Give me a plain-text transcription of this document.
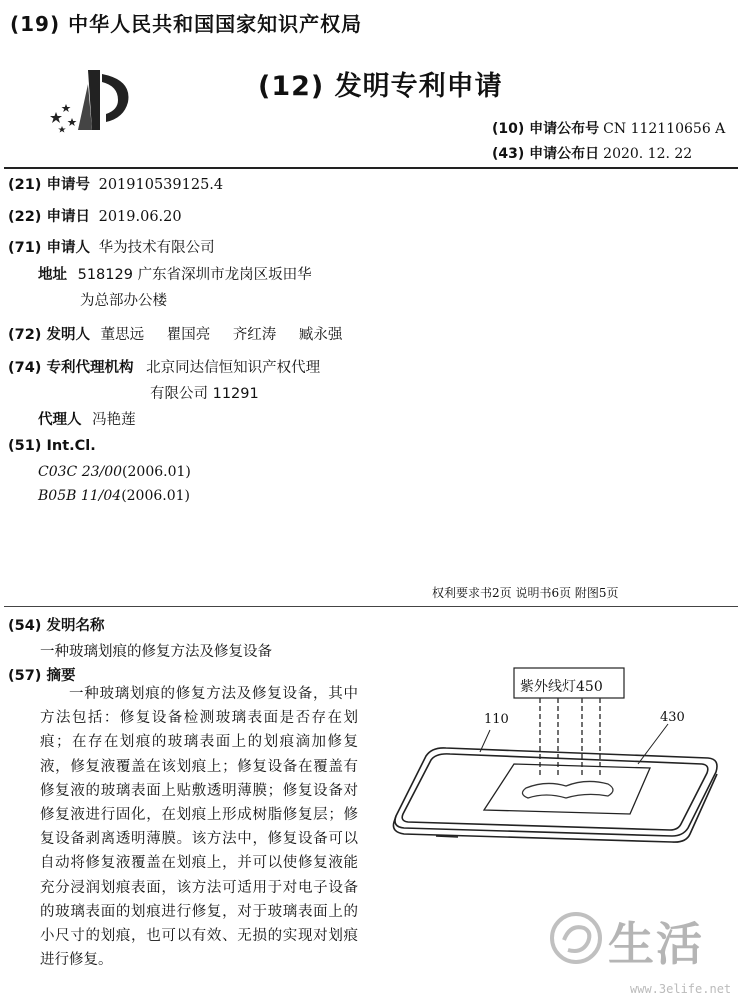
(19) 中华人民共和国国家知识产权局
(12) 发明专利申请
(10) 申请公布号 CN 112110656 A
(43) 申请公布日 2020. 12. 22
(21) 申请号 201910539125.4
(22) 申请日 2019.06.20
(71) 申请人 华为技术有限公司
地址 518129 广东省深圳市龙岗区坂田华
为总部办公楼
(72) 发明人 董思远 瞿国亮 齐红涛 臧永强
(74) 专利代理机构 北京同达信恒知识产权代理
有限公司 11291
代理人 冯艳莲
(51) Int.Cl.
C03C 23/00(2006.01)
B05B 11/04(2006.01)
权利要求书2页 说明书6页 附图5页
(54) 发明名称
一种玻璃划痕的修复方法及修复设备
(57) 摘要
一种玻璃划痕的修复方法及修复设备，其中方法包括：修复设备检测玻璃表面是否存在划痕；在存在划痕的玻璃表面上的划痕滴加修复液，修复液覆盖在该划痕上；修复设备在覆盖有修复液的玻璃表面上贴敷透明薄膜；修复设备对修复液进行固化，在划痕上形成树脂修复层；修复设备剥离透明薄膜。该方法中，修复设备可以自动将修复液覆盖在划痕上，并可以使修复液能充分浸润划痕表面，该方法可适用于对电子设备的玻璃表面的划痕进行修复，对于玻璃表面上的小尺寸的划痕，也可以有效、无损的实现对划痕进行修复。
紫外线灯450
110	430
生活
www.3elife.net
